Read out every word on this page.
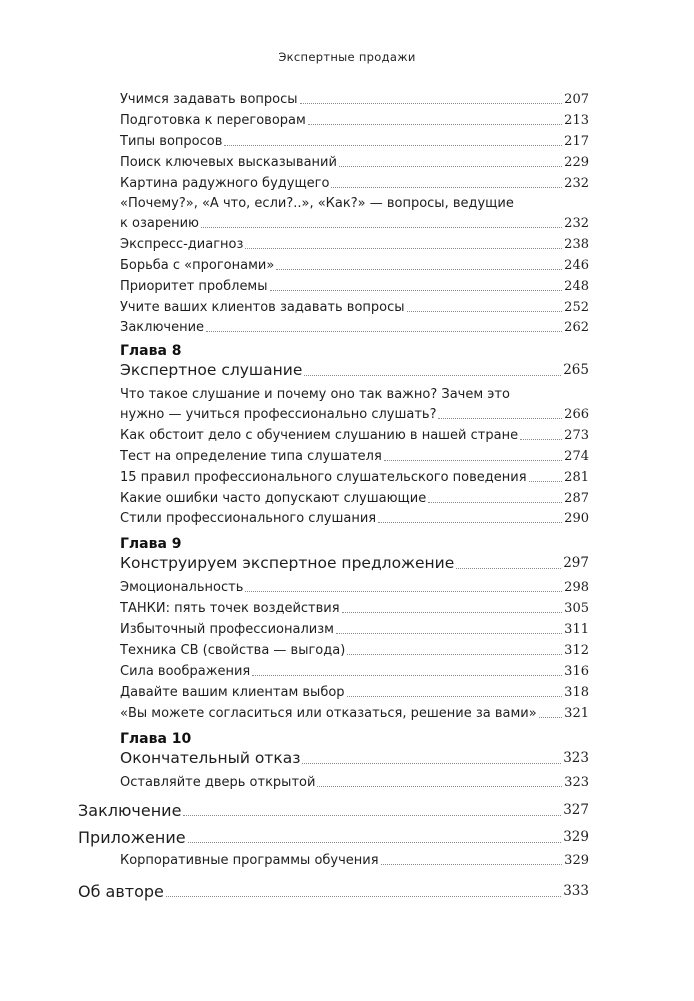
Экспертные продажи
Учимся задавать вопросы	207
Подготовка к переговорам	213
Типы вопросов	217
Поиск ключевых высказываний	229
Картина радужного будущего	232
«Почему?», «А что, если?..», «Как?» — вопросы, ведущие
к озарению	232
Экспресс-диагноз	238
Борьба с «прогонами»	246
Приоритет проблемы	248
Учите ваших клиентов задавать вопросы	252
Заключение	262
Глава 8
Экспертное слушание	265
Что такое слушание и почему оно так важно? Зачем это
нужно — учиться профессионально слушать?	266
Как обстоит дело с обучением слушанию в нашей стране	273
Тест на определение типа слушателя	274
15 правил профессионального слушательского поведения	281
Какие ошибки часто допускают слушающие	287
Стили профессионального слушания	290
Глава 9
Конструируем экспертное предложение	297
Эмоциональность	298
ТАНКИ: пять точек воздействия	305
Избыточный профессионализм	311
Техника СВ (свойства — выгода)	312
Сила воображения	316
Давайте вашим клиентам выбор	318
«Вы можете согласиться или отказаться, решение за вами» 321
Глава 10
Окончательный отказ	323
Оставляйте дверь открытой	323
Заключение	327
Приложение	329
Корпоративные программы обучения	329
Об авторе	333
